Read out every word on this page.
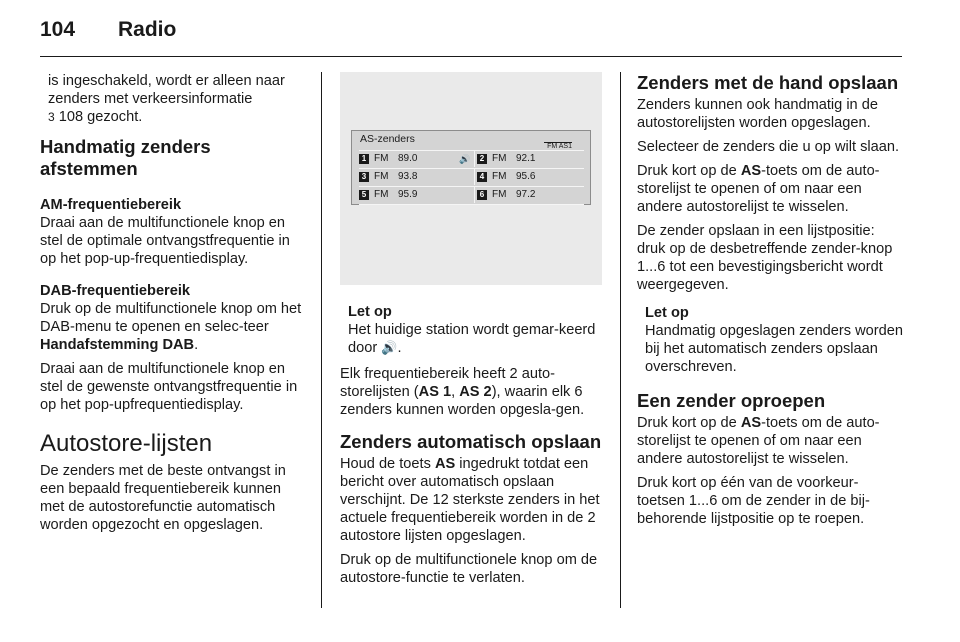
104 Radio

is ingeschakeld, wordt er alleen naar zenders met verkeersinformatie
3 108 gezocht.

Handmatig zenders afstemmen
AM-frequentiebereik

Draai aan de multifunctionele knop en stel de optimale ontvangstfrequentie in op het pop-up-frequentiedisplay.

DAB-frequentiebereik

Druk op de multifunctionele knop om het DAB-menu te openen en selec-teer Handafstemming DAB.

Draai aan de multifunctionele knop en stel de gewenste ontvangstfrequentie in op het pop-upfrequentiedisplay.

Autostore-lijsten

De zenders met de beste ontvangst in een bepaald frequentiebereik kunnen met de autostorefunctie automatisch worden opgezocht en opgeslagen.

AS-zenders
FM AS1
1 FM 89.0	🔊	2 FM 92.1
3 FM 93.8	4 FM 95.6
5 FM 95.9	6 FM 97.2
Let op

Het huidige station wordt gemar-keerd door 🔊.

Elk frequentiebereik heeft 2 auto-storelijsten (AS 1, AS 2), waarin elk 6 zenders kunnen worden opgesla-gen.

Zenders automatisch opslaan

Houd de toets AS ingedrukt totdat een bericht over automatisch opslaan verschijnt. De 12 sterkste zenders in het actuele frequentiebereik worden in de 2 autostore lijsten opgeslagen.

Druk op de multifunctionele knop om de autostore-functie te verlaten.

Zenders met de hand opslaan

Zenders kunnen ook handmatig in de autostorelijsten worden opgeslagen.

Selecteer de zenders die u op wilt slaan.

Druk kort op de AS-toets om de auto-storelijst te openen of om naar een andere autostorelijst te wisselen.

De zender opslaan in een lijstpositie: druk op de desbetreffende zender-knop 1...6 tot een bevestigingsbericht wordt weergegeven.

Let op

Handmatig opgeslagen zenders worden bij het automatisch zenders opslaan overschreven.

Een zender oproepen

Druk kort op de AS-toets om de auto-storelijst te openen of om naar een andere autostorelijst te wisselen.

Druk kort op één van de voorkeur-toetsen 1...6 om de zender in de bij-behorende lijstpositie op te roepen.
